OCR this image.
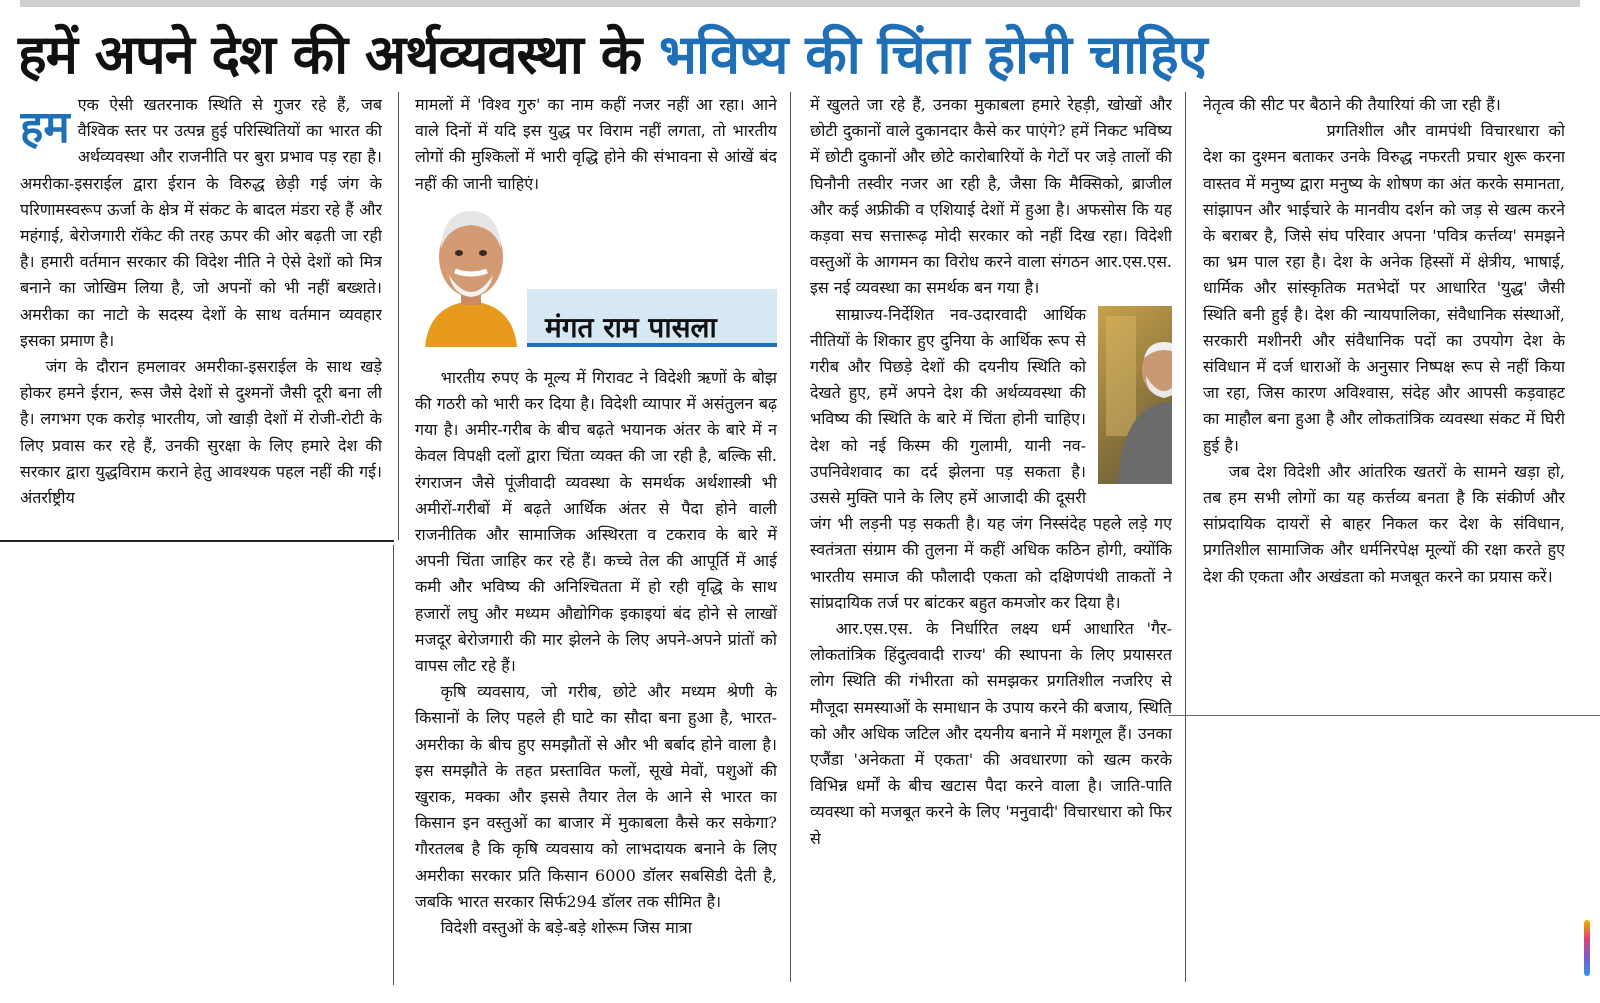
हमें अपने देश की अर्थव्यवस्था के भविष्य की चिंता होनी चाहिए
हम एक ऐसी खतरनाक स्थिति से गुजर रहे हैं, जब वैश्विक स्तर पर उत्पन्न हुई परिस्थितियों का भारत की अर्थव्यवस्था और राजनीति पर बुरा प्रभाव पड़ रहा है। अमरीका-इसराईल द्वारा ईरान के विरुद्ध छेड़ी गई जंग के परिणामस्वरूप ऊर्जा के क्षेत्र में संकट के बादल मंडरा रहे हैं और महंगाई, बेरोजगारी रॉकेट की तरह ऊपर की ओर बढ़ती जा रही है। हमारी वर्तमान सरकार की विदेश नीति ने ऐसे देशों को मित्र बनाने का जोखिम लिया है, जो अपनों को भी नहीं बख्शते। अमरीका का नाटो के सदस्य देशों के साथ वर्तमान व्यवहार इसका प्रमाण है।

जंग के दौरान हमलावर अमरीका-इसराईल के साथ खड़े होकर हमने ईरान, रूस जैसे देशों से दुश्मनों जैसी दूरी बना ली है। लगभग एक करोड़ भारतीय, जो खाड़ी देशों में रोजी-रोटी के लिए प्रवास कर रहे हैं, उनकी सुरक्षा के लिए हमारे देश की सरकार द्वारा युद्धविराम कराने हेतु आवश्यक पहल नहीं की गई। अंतर्राष्ट्रीय

मामलों में 'विश्व गुरु' का नाम कहीं नजर नहीं आ रहा। आने वाले दिनों में यदि इस युद्ध पर विराम नहीं लगता, तो भारतीय लोगों की मुश्किलों में भारी वृद्धि होने की संभावना से आंखें बंद नहीं की जानी चाहिएं।

मंगत राम पासला

भारतीय रुपए के मूल्य में गिरावट ने विदेशी ऋणों के बोझ की गठरी को भारी कर दिया है। विदेशी व्यापार में असंतुलन बढ़ गया है। अमीर-गरीब के बीच बढ़ते भयानक अंतर के बारे में न केवल विपक्षी दलों द्वारा चिंता व्यक्त की जा रही है, बल्कि सी. रंगराजन जैसे पूंजीवादी व्यवस्था के समर्थक अर्थशास्त्री भी अमीरों-गरीबों में बढ़ते आर्थिक अंतर से पैदा होने वाली राजनीतिक और सामाजिक अस्थिरता व टकराव के बारे में अपनी चिंता जाहिर कर रहे हैं। कच्चे तेल की आपूर्ति में आई कमी और भविष्य की अनिश्चितता में हो रही वृद्धि के साथ हजारों लघु और मध्यम औद्योगिक इकाइयां बंद होने से लाखों मजदूर बेरोजगारी की मार झेलने के लिए अपने-अपने प्रांतों को वापस लौट रहे हैं।

कृषि व्यवसाय, जो गरीब, छोटे और मध्यम श्रेणी के किसानों के लिए पहले ही घाटे का सौदा बना हुआ है, भारत-अमरीका के बीच हुए समझौतों से और भी बर्बाद होने वाला है। इस समझौते के तहत प्रस्तावित फलों, सूखे मेवों, पशुओं की खुराक, मक्का और इससे तैयार तेल के आने से भारत का किसान इन वस्तुओं का बाजार में मुकाबला कैसे कर सकेगा? गौरतलब है कि कृषि व्यवसाय को लाभदायक बनाने के लिए अमरीका सरकार प्रति किसान 6000 डॉलर सबसिडी देती है, जबकि भारत सरकार सिर्फ294 डॉलर तक सीमित है।

विदेशी वस्तुओं के बड़े-बड़े शोरूम जिस मात्रा

में खुलते जा रहे हैं, उनका मुकाबला हमारे रेहड़ी, खोखों और छोटी दुकानों वाले दुकानदार कैसे कर पाएंगे? हमें निकट भविष्य में छोटी दुकानों और छोटे कारोबारियों के गेटों पर जड़े तालों की घिनौनी तस्वीर नजर आ रही है, जैसा कि मैक्सिको, ब्राजील और कई अफ्रीकी व एशियाई देशों में हुआ है। अफसोस कि यह कड़वा सच सत्तारूढ़ मोदी सरकार को नहीं दिख रहा। विदेशी वस्तुओं के आगमन का विरोध करने वाला संगठन आर.एस.एस. इस नई व्यवस्था का समर्थक बन गया है।

साम्राज्य-निर्देशित नव-उदारवादी आर्थिक नीतियों के शिकार हुए दुनिया के आर्थिक रूप से गरीब और पिछड़े देशों की दयनीय स्थिति को देखते हुए, हमें अपने देश की अर्थव्यवस्था की भविष्य की स्थिति के बारे में चिंता होनी चाहिए। देश को नई किस्म की गुलामी, यानी नव-उपनिवेशवाद का दर्द झेलना पड़ सकता है। उससे मुक्ति पाने के लिए हमें आजादी की दूसरी जंग भी लड़नी पड़ सकती है। यह जंग निस्संदेह पहले लड़े गए स्वतंत्रता संग्राम की तुलना में कहीं अधिक कठिन होगी, क्योंकि भारतीय समाज की फौलादी एकता को दक्षिणपंथी ताकतों ने सांप्रदायिक तर्ज पर बांटकर बहुत कमजोर कर दिया है।

आर.एस.एस. के निर्धारित लक्ष्य धर्म आधारित 'गैर-लोकतांत्रिक हिंदुत्ववादी राज्य' की स्थापना के लिए प्रयासरत लोग स्थिति की गंभीरता को समझकर प्रगतिशील नजरिए से मौजूदा समस्याओं के समाधान के उपाय करने की बजाय, स्थिति को और अधिक जटिल और दयनीय बनाने में मशगूल हैं। उनका एजैंडा 'अनेकता में एकता' की अवधारणा को खत्म करके विभिन्न धर्मों के बीच खटास पैदा करने वाला है। जाति-पाति व्यवस्था को मजबूत करने के लिए 'मनुवादी' विचारधारा को फिर से

नेतृत्व की सीट पर बैठाने की तैयारियां की जा रही हैं।

प्रगतिशील और वामपंथी विचारधारा को देश का दुश्मन बताकर उनके विरुद्ध नफरती प्रचार शुरू करना वास्तव में मनुष्य द्वारा मनुष्य के शोषण का अंत करके समानता, सांझापन और भाईचारे के मानवीय दर्शन को जड़ से खत्म करने के बराबर है, जिसे संघ परिवार अपना 'पवित्र कर्त्तव्य' समझने का भ्रम पाल रहा है। देश के अनेक हिस्सों में क्षेत्रीय, भाषाई, धार्मिक और सांस्कृतिक मतभेदों पर आधारित 'युद्ध' जैसी स्थिति बनी हुई है। देश की न्यायपालिका, संवैधानिक संस्थाओं, सरकारी मशीनरी और संवैधानिक पदों का उपयोग देश के संविधान में दर्ज धाराओं के अनुसार निष्पक्ष रूप से नहीं किया जा रहा, जिस कारण अविश्वास, संदेह और आपसी कड़वाहट का माहौल बना हुआ है और लोकतांत्रिक व्यवस्था संकट में घिरी हुई है।

जब देश विदेशी और आंतरिक खतरों के सामने खड़ा हो, तब हम सभी लोगों का यह कर्त्तव्य बनता है कि संकीर्ण और सांप्रदायिक दायरों से बाहर निकल कर देश के संविधान, प्रगतिशील सामाजिक और धर्मनिरपेक्ष मूल्यों की रक्षा करते हुए देश की एकता और अखंडता को मजबूत करने का प्रयास करें।
